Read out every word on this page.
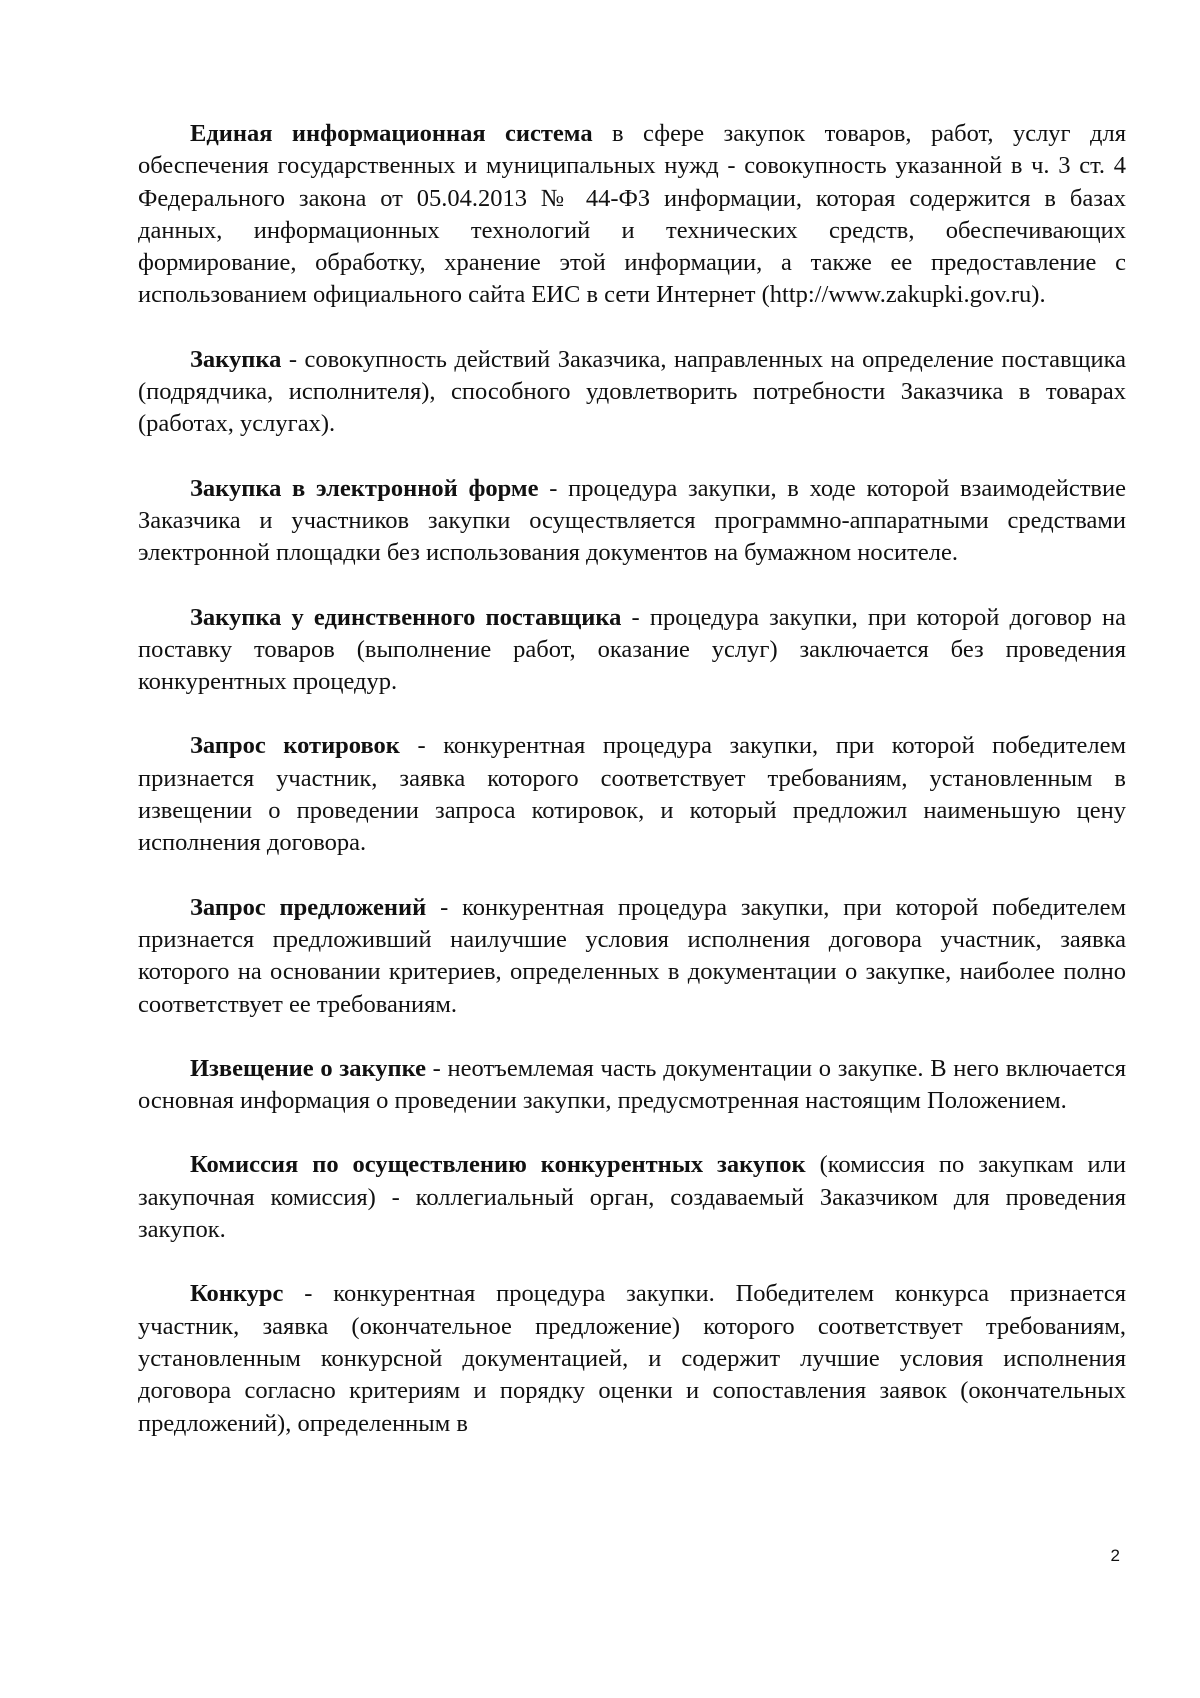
Единая информационная система в сфере закупок товаров, работ, услуг для обеспечения государственных и муниципальных нужд - совокупность указанной в ч. 3 ст. 4 Федерального закона от 05.04.2013 № 44-ФЗ информации, которая содержится в базах данных, информационных технологий и технических средств, обеспечивающих формирование, обработку, хранение этой информации, а также ее предоставление с использованием официального сайта ЕИС в сети Интернет (http://www.zakupki.gov.ru).

Закупка - совокупность действий Заказчика, направленных на определение поставщика (подрядчика, исполнителя), способного удовлетворить потребности Заказчика в товарах (работах, услугах).

Закупка в электронной форме - процедура закупки, в ходе которой взаимодействие Заказчика и участников закупки осуществляется программно-аппаратными средствами электронной площадки без использования документов на бумажном носителе.

Закупка у единственного поставщика - процедура закупки, при которой договор на поставку товаров (выполнение работ, оказание услуг) заключается без проведения конкурентных процедур.

Запрос котировок - конкурентная процедура закупки, при которой победителем признается участник, заявка которого соответствует требованиям, установленным в извещении о проведении запроса котировок, и который предложил наименьшую цену исполнения договора.

Запрос предложений - конкурентная процедура закупки, при которой победителем признается предложивший наилучшие условия исполнения договора участник, заявка которого на основании критериев, определенных в документации о закупке, наиболее полно соответствует ее требованиям.

Извещение о закупке - неотъемлемая часть документации о закупке. В него включается основная информация о проведении закупки, предусмотренная настоящим Положением.

Комиссия по осуществлению конкурентных закупок (комиссия по закупкам или закупочная комиссия) - коллегиальный орган, создаваемый Заказчиком для проведения закупок.

Конкурс - конкурентная процедура закупки. Победителем конкурса признается участник, заявка (окончательное предложение) которого соответствует требованиям, установленным конкурсной документацией, и содержит лучшие условия исполнения договора согласно критериям и порядку оценки и сопоставления заявок (окончательных предложений), определенным в

2
